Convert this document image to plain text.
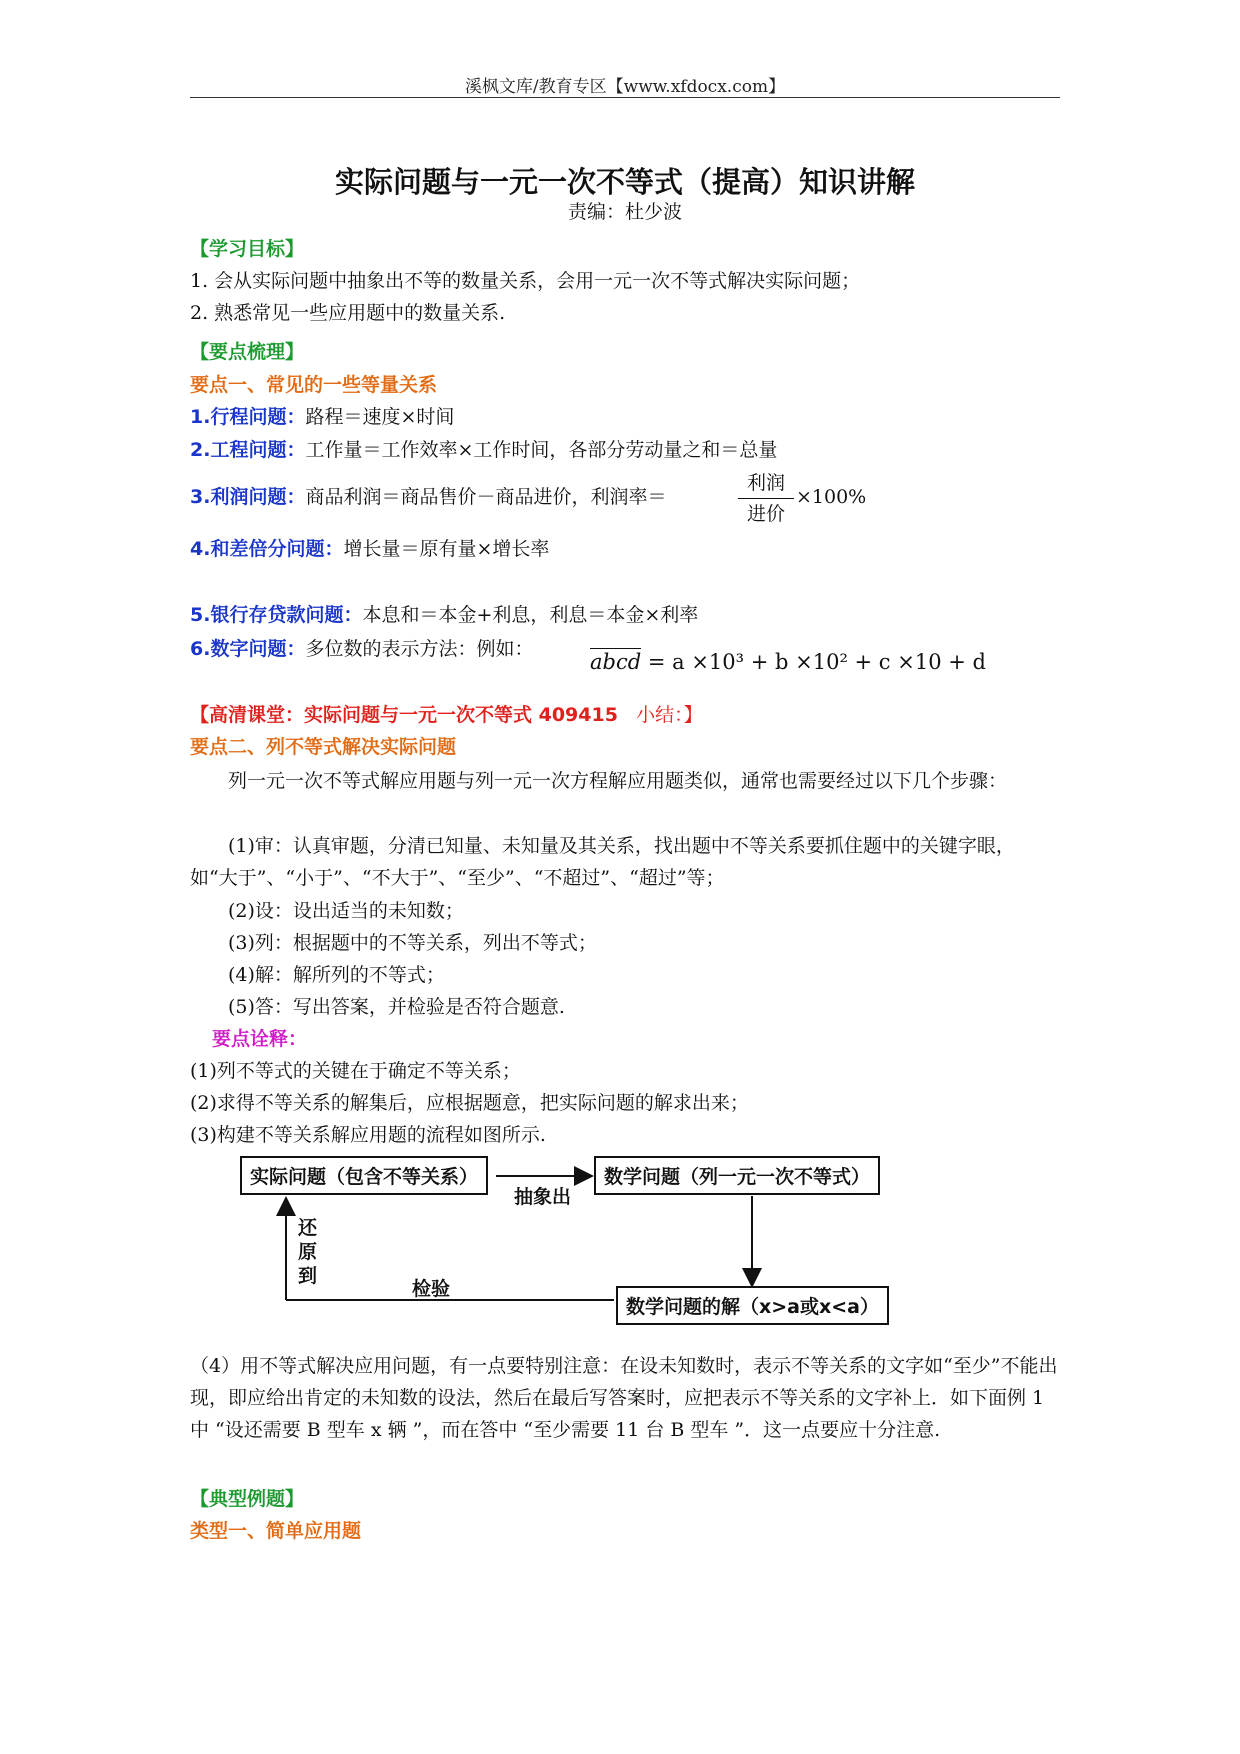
溪枫文库/教育专区【www.xfdocx.com】
实际问题与一元一次不等式（提高）知识讲解
责编：杜少波
【学习目标】
1. 会从实际问题中抽象出不等的数量关系，会用一元一次不等式解决实际问题；
2. 熟悉常见一些应用题中的数量关系.
【要点梳理】
要点一、常见的一些等量关系
1.行程问题：路程＝速度×时间
2.工程问题：工作量＝工作效率×工作时间，各部分劳动量之和＝总量
3.利润问题：商品利润＝商品售价－商品进价，利润率＝
利润
进价
×100%
4.和差倍分问题：增长量＝原有量×增长率
5.银行存贷款问题：本息和＝本金+利息，利息＝本金×利率
6.数字问题：多位数的表示方法：例如：
abcd = a ×10³ + b ×10² + c ×10 + d
【高清课堂：实际问题与一元一次不等式 409415 小结：】
要点二、列不等式解决实际问题
列一元一次不等式解应用题与列一元一次方程解应用题类似，通常也需要经过以下几个步骤：
(1)审：认真审题，分清已知量、未知量及其关系，找出题中不等关系要抓住题中的关键字眼，如“大于”、“小于”、“不大于”、“至少”、“不超过”、“超过”等；
(2)设：设出适当的未知数；
(3)列：根据题中的不等关系，列出不等式；
(4)解：解所列的不等式；
(5)答：写出答案，并检验是否符合题意.
要点诠释：
(1)列不等式的关键在于确定不等关系；
(2)求得不等关系的解集后，应根据题意，把实际问题的解求出来；
(3)构建不等关系解应用题的流程如图所示.
实际问题（包含不等关系）	数学问题（列一元一次不等式）
数学问题的解（x>a或x<a）
抽象出
检验
还
原
到
（4）用不等式解决应用问题，有一点要特别注意：在设未知数时，表示不等关系的文字如“至少”不能出现，即应给出肯定的未知数的设法，然后在最后写答案时，应把表示不等关系的文字补上．如下面例 1 中 “设还需要 B 型车 x 辆 ”，而在答中 “至少需要 11 台 B 型车 ”．这一点要应十分注意.
【典型例题】
类型一、简单应用题
